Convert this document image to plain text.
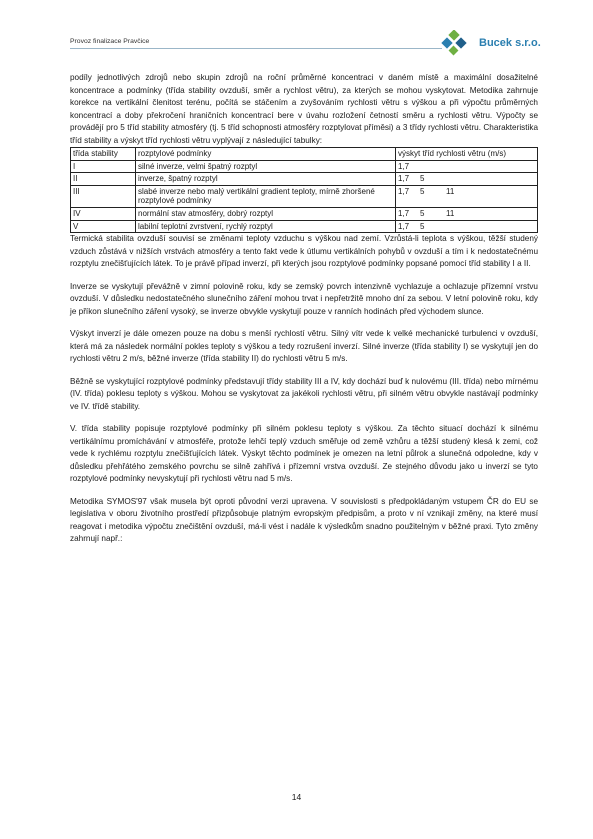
Provoz finalizace Pravčice	Bucek s.r.o.

podíly jednotlivých zdrojů nebo skupin zdrojů na roční průměrné koncentraci v daném místě a maximální dosažitelné koncentrace a podmínky (třída stability ovzduší, směr a rychlost větru), za kterých se mohou vyskytovat. Metodika zahrnuje korekce na vertikální členitost terénu, počítá se stáčením a zvyšováním rychlosti větru s výškou a při výpočtu průměrných koncentrací a doby překročení hraničních koncentrací bere v úvahu rozložení četností směru a rychlosti větru. Výpočty se provádějí pro 5 tříd stability atmosféry (tj. 5 tříd schopnosti atmosféry rozptylovat příměsi) a 3 třídy rychlosti větru. Charakteristika tříd stability a výskyt tříd rychlosti větru vyplývají z následující tabulky:

třída stability	rozptylové podmínky	výskyt tříd rychlosti větru (m/s)
I	silné inverze, velmi špatný rozptyl	1,7
II	inverze, špatný rozptyl	1,7 5
III	slabé inverze nebo malý vertikální gradient teploty, mírně zhoršené rozptylové podmínky	1,7 5 11
IV	normální stav atmosféry, dobrý rozptyl	1,7 5 11
V	labilní teplotní zvrstvení, rychlý rozptyl	1,7 5

Termická stabilita ovzduší souvisí se změnami teploty vzduchu s výškou nad zemí. Vzrůstá-li teplota s výškou, těžší studený vzduch zůstává v nižších vrstvách atmosféry a tento fakt vede k útlumu vertikálních pohybů v ovzduší a tím i k nedostatečnému rozptylu znečišťujících látek. To je právě případ inverzí, při kterých jsou rozptylové podmínky popsané pomocí tříd stability I a II.

Inverze se vyskytují převážně v zimní polovině roku, kdy se zemský povrch intenzivně vychlazuje a ochlazuje přízemní vrstvu ovzduší. V důsledku nedostatečného slunečního záření mohou trvat i nepřetržitě mnoho dní za sebou. V letní polovině roku, kdy je příkon slunečního záření vysoký, se inverze obvykle vyskytují pouze v ranních hodinách před východem slunce.

Výskyt inverzí je dále omezen pouze na dobu s menší rychlostí větru. Silný vítr vede k velké mechanické turbulenci v ovzduší, která má za následek normální pokles teploty s výškou a tedy rozrušení inverzí. Silné inverze (třída stability I) se vyskytují jen do rychlosti větru 2 m/s, běžné inverze (třída stability II) do rychlosti větru 5 m/s.

Běžně se vyskytující rozptylové podmínky představují třídy stability III a IV, kdy dochází buď k nulovému (III. třída) nebo mírnému (IV. třída) poklesu teploty s výškou. Mohou se vyskytovat za jakékoli rychlosti větru, při silném větru obvykle nastávají podmínky ve IV. třídě stability.

V. třída stability popisuje rozptylové podmínky při silném poklesu teploty s výškou. Za těchto situací dochází k silnému vertikálnímu promíchávání v atmosféře, protože lehčí teplý vzduch směřuje od země vzhůru a těžší studený klesá k zemi, což vede k rychlému rozptylu znečišťujících látek. Výskyt těchto podmínek je omezen na letní půlrok a slunečná odpoledne, kdy v důsledku přehřátého zemského povrchu se silně zahřívá i přízemní vrstva ovzduší. Ze stejného důvodu jako u inverzí se tyto rozptylové podmínky nevyskytují při rychlosti větru nad 5 m/s.

Metodika SYMOS'97 však musela být oproti původní verzi upravena. V souvislosti s předpokládaným vstupem ČR do EU se legislativa v oboru životního prostředí přizpůsobuje platným evropským předpisům, a proto v ní vznikají změny, na které musí reagovat i metodika výpočtu znečištění ovzduší, má-li vést i nadále k výsledkům snadno použitelným v běžné praxi. Tyto změny zahrnují např.:

14
